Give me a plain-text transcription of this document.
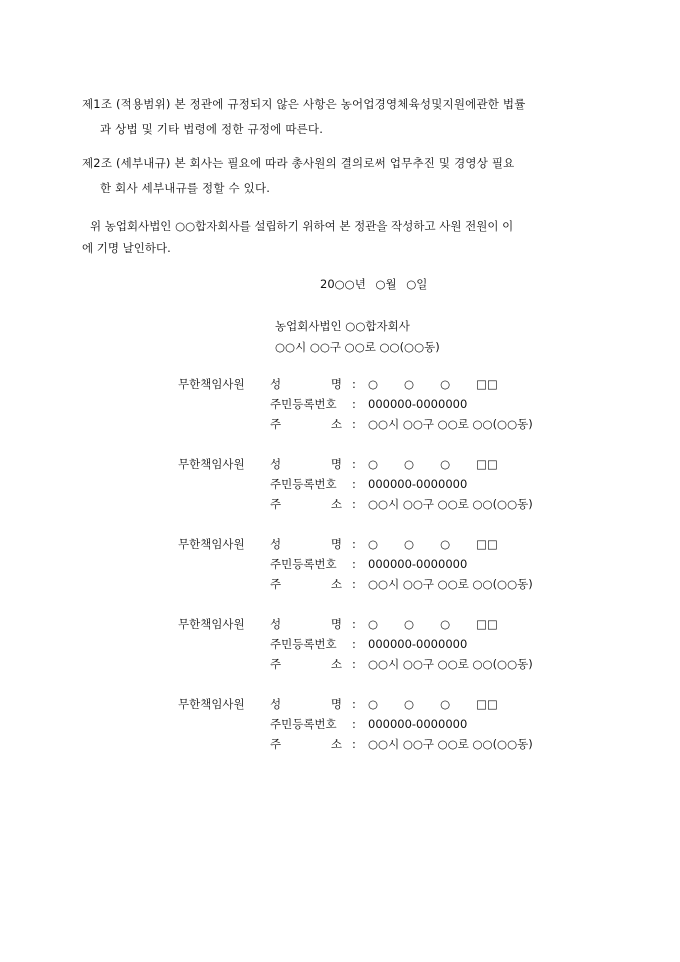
제1조 (적용범위) 본 정관에 규정되지 않은 사항은 농어업경영체육성및지원에관한 법률
과 상법 및 기타 법령에 정한 규정에 따른다.
제2조 (세부내규) 본 회사는 필요에 따라 총사원의 결의로써 업무추진 및 경영상 필요
한 회사 세부내규를 정할 수 있다.
위 농업회사법인 ○○합자회사를 설립하기 위하여 본 정관을 작성하고 사원 전원이 이
에 기명 날인하다.
20○○년 ○월 ○일
농업회사법인 ○○합자회사
○○시 ○○구 ○○로 ○○(○○동)
무한책임사원 성	명 : ○ ○ ○ □□
주민등록번호 : 000000-0000000
주	소 : ○○시 ○○구 ○○로 ○○(○○동)
무한책임사원 성	명 : ○ ○ ○ □□
주민등록번호 : 000000-0000000
주	소 : ○○시 ○○구 ○○로 ○○(○○동)
무한책임사원 성	명 : ○ ○ ○ □□
주민등록번호 : 000000-0000000
주	소 : ○○시 ○○구 ○○로 ○○(○○동)
무한책임사원 성	명 : ○ ○ ○ □□
주민등록번호 : 000000-0000000
주	소 : ○○시 ○○구 ○○로 ○○(○○동)
무한책임사원 성	명 : ○ ○ ○ □□
주민등록번호 : 000000-0000000
주	소 : ○○시 ○○구 ○○로 ○○(○○동)
